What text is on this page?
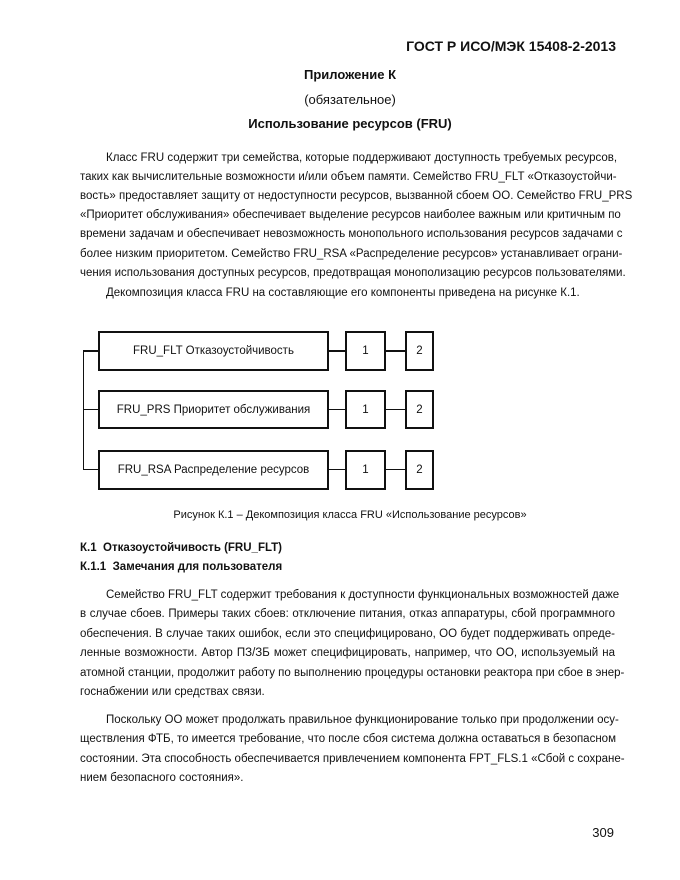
ГОСТ Р ИСО/МЭК 15408-2-2013
Приложение К
(обязательное)
Использование ресурсов (FRU)
Класс FRU содержит три семейства, которые поддерживают доступность требуемых ресурсов,
таких как вычислительные возможности и/или объем памяти. Семейство FRU_FLT «Отказоустойчи-
вость» предоставляет защиту от недоступности ресурсов, вызванной сбоем ОО. Семейство FRU_PRS
«Приоритет обслуживания» обеспечивает выделение ресурсов наиболее важным или критичным по
времени задачам и обеспечивает невозможность монопольного использования ресурсов задачами с
более низким приоритетом. Семейство FRU_RSA «Распределение ресурсов» устанавливает ограни-
чения использования доступных ресурсов, предотвращая монополизацию ресурсов пользователями.
Декомпозиция класса FRU на составляющие его компоненты приведена на рисунке К.1.
FRU_FLT Отказоустойчивость	1	2
FRU_PRS Приоритет обслуживания	1	2
FRU_RSA Распределение ресурсов	1	2
Рисунок К.1 – Декомпозиция класса FRU «Использование ресурсов»
К.1  Отказоустойчивость (FRU_FLT)
К.1.1  Замечания для пользователя
Семейство FRU_FLT содержит требования к доступности функциональных возможностей даже
в случае сбоев. Примеры таких сбоев: отключение питания, отказ аппаратуры, сбой программного
обеспечения. В случае таких ошибок, если это специфицировано, ОО будет поддерживать опреде-
ленные возможности. Автор ПЗ/ЗБ может специфицировать, например, что ОО, используемый на
атомной станции, продолжит работу по выполнению процедуры остановки реактора при сбое в энер-
госнабжении или средствах связи.
Поскольку ОО может продолжать правильное функционирование только при продолжении осу-
ществления ФТБ, то имеется требование, что после сбоя система должна оставаться в безопасном
состоянии. Эта способность обеспечивается привлечением компонента FPT_FLS.1 «Сбой с сохране-
нием безопасного состояния».
309
